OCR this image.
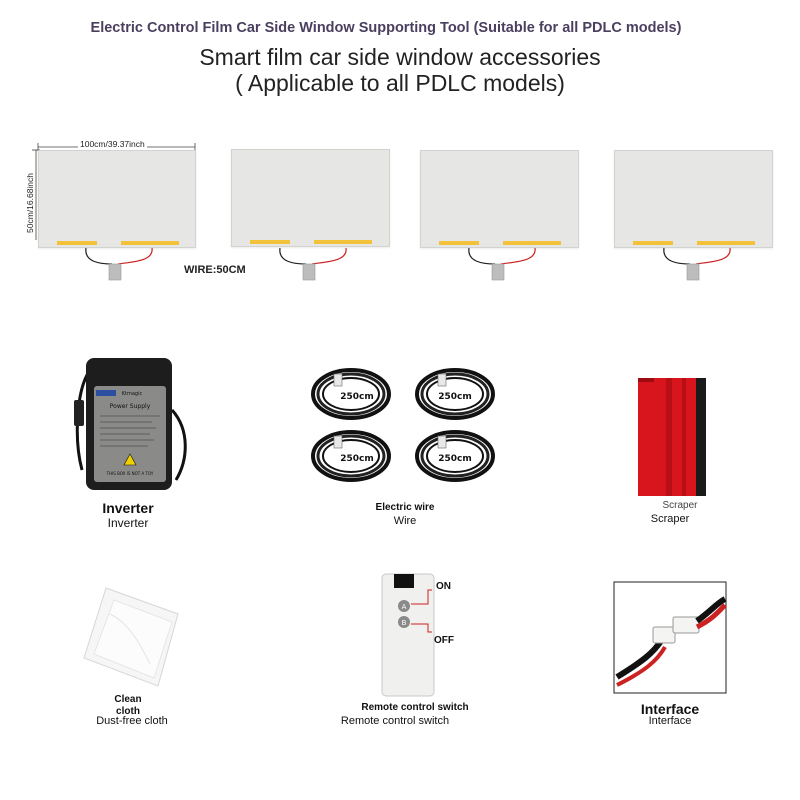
Electric Control Film Car Side Window Supporting Tool (Suitable for all PDLC models)
Smart film car side window accessories
( Applicable to all PDLC models)
100cm/39.37inch
50cm/16.68inch
WIRE:50CM
Power Supply
Ktmagic
THIS BOX IS NOT A TOY
Inverter
Inverter
250cm	250cm
250cm	250cm
Electric wire
Wire
Scraper
Scraper
Clean
cloth
Dust-free cloth
A
B
ON
OFF
Remote control switch
Remote control switch
Interface
Interface
